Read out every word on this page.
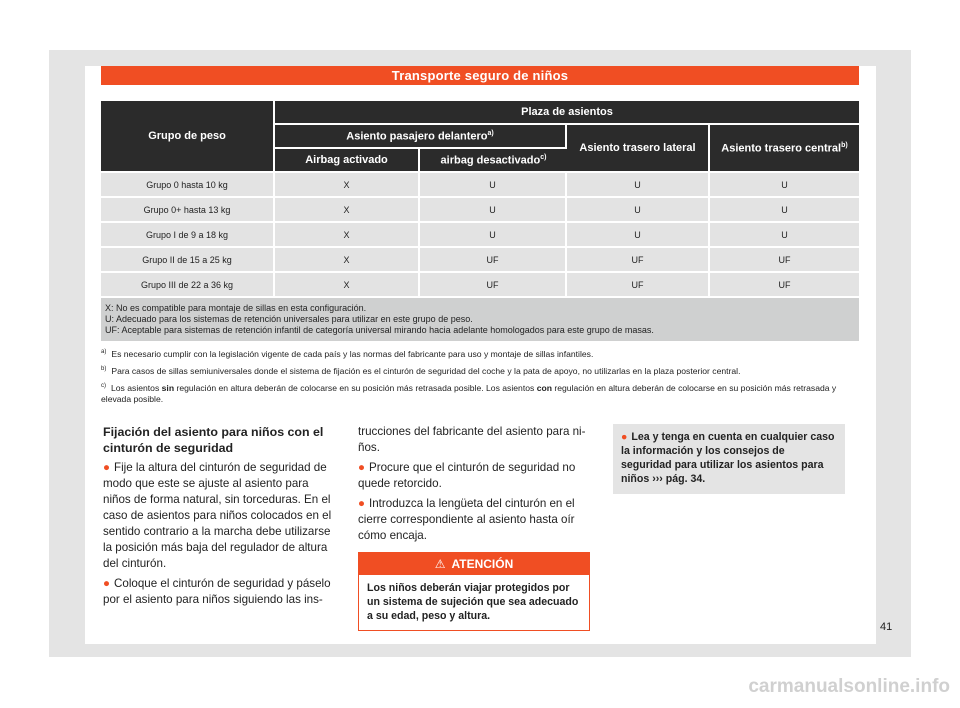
Transporte seguro de niños
Grupo de peso	Plaza de asientos			
	Asiento pasajero delantero$^{a)}$		Asiento trasero lateral	Asiento trasero central$^{b)}$
	Airbag activado	airbag desactivado$^{c)}$
Grupo 0 hasta 10 kg	X	U	U	U
Grupo 0+ hasta 13 kg	X	U	U	U
Grupo I de 9 a 18 kg	X	U	U	U
Grupo II de 15 a 25 kg	X	UF	UF	UF
Grupo III de 22 a 36 kg	X	UF	UF	UF

X: No es compatible para montaje de sillas en esta configuración.
U: Adecuado para los sistemas de retención universales para utilizar en este grupo de peso.
UF: Aceptable para sistemas de retención infantil de categoría universal mirando hacia adelante homologados para este grupo de masas.				
$^{a)}$ Es necesario cumplir con la legislación vigente de cada país y las normas del fabricante para uso y montaje de sillas infantiles.
$^{b)}$ Para casos de sillas semiuniversales donde el sistema de fijación es el cinturón de seguridad del coche y la pata de apoyo, no utilizarlas en la plaza posterior central.
$^{c)}$ Los asientos sin regulación en altura deberán de colocarse en su posición más retrasada posible. Los asientos con regulación en altura deberán de colocarse en su posición más retrasada y elevada posible.
Fijación del asiento para niños con el cinturón de seguridad

● Fije la altura del cinturón de seguridad de modo que este se ajuste al asiento para niños de forma natural, sin torceduras. En el caso de asientos para niños colocados en el sentido contrario a la marcha debe utilizarse la posición más baja del regulador de altura del cinturón.

● Coloque el cinturón de seguridad y páselo por el asiento para niños siguiendo las ins-

trucciones del fabricante del asiento para niños.

● Procure que el cinturón de seguridad no quede retorcido.

● Introduzca la lengüeta del cinturón en el cierre correspondiente al asiento hasta oír cómo encaja.

⚠ ATENCIÓN
Los niños deberán viajar protegidos por un sistema de sujeción que sea adecuado a su edad, peso y altura.
● Lea y tenga en cuenta en cualquier caso la información y los consejos de seguridad para utilizar los asientos para niños ››› pág. 34.
41
carmanualsonline.info
